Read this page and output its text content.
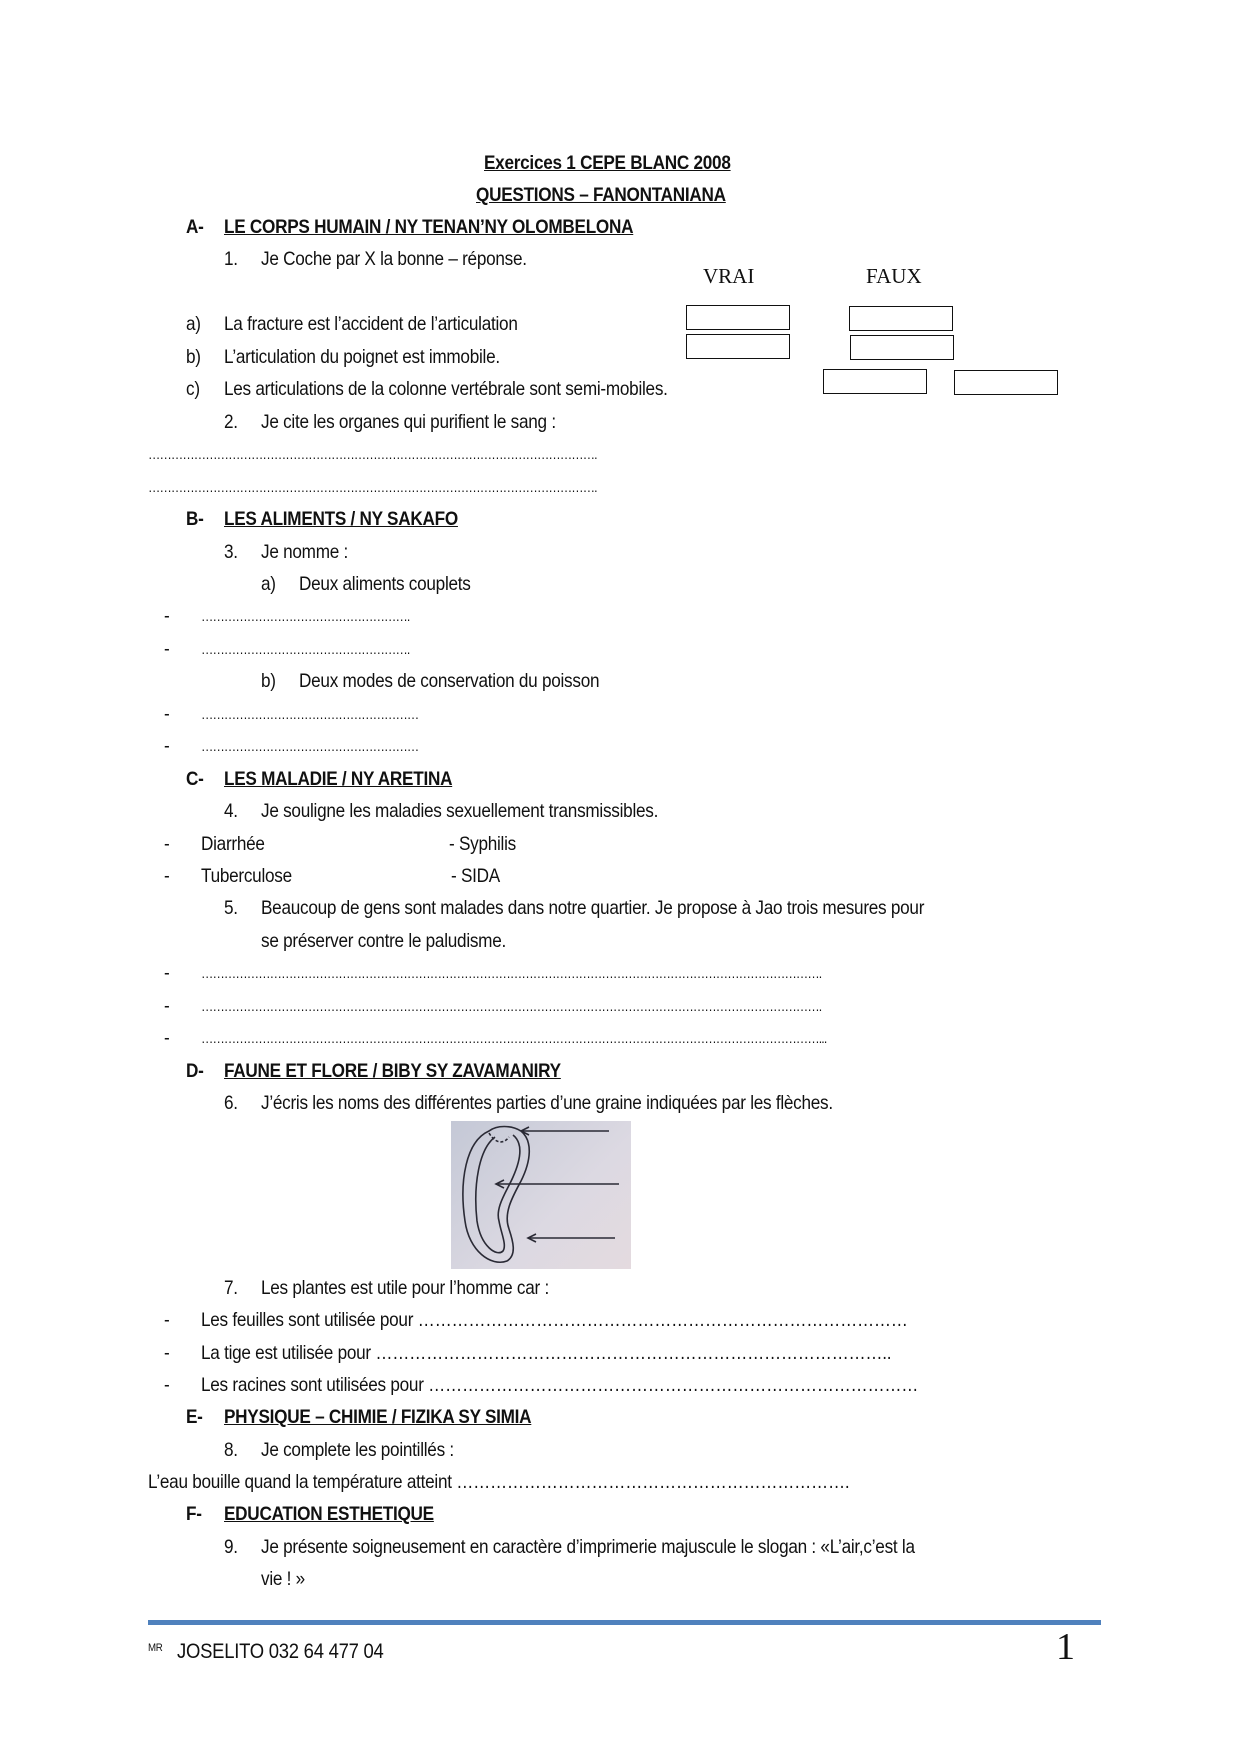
Exercices 1 CEPE BLANC 2008
QUESTIONS – FANONTANIANA
A- LE CORPS HUMAIN / NY TENAN’NY OLOMBELONA
1. Je Coche par X la bonne – réponse.
VRAI	FAUX
a) La fracture est l’accident de l’articulation
b) L’articulation du poignet est immobile.
c) Les articulations de la colonne vertébrale sont semi-mobiles.
2. Je cite les organes qui purifient le sang :
……………………………………………………………………………………………………….
……………………………………………………………………………………………………….
B- LES ALIMENTS / NY SAKAFO
3. Je nomme :
a) Deux aliments couplets
- ……………………………………………….
- ……………………………………………….
b) Deux modes de conservation du poisson
- …………………………………………………
- …………………………………………………
C- LES MALADIE / NY ARETINA
4. Je souligne les maladies sexuellement transmissibles.
- Diarrhée	- Syphilis
- Tuberculose	- SIDA
5. Beaucoup de gens sont malades dans notre quartier. Je propose à Jao trois mesures pour
se préserver contre le paludisme.
- ……………………………………………………………………………………………………………………………………………….
- ……………………………………………………………………………………………………………………………………………….
- ………………………………………………………………………………………………………………………………………………...
D- FAUNE ET FLORE / BIBY SY ZAVAMANIRY
6. J’écris les noms des différentes parties d’une graine indiquées par les flèches.
7. Les plantes est utile pour l’homme car :
- Les feuilles sont utilisée pour ……………………………………………………………………………
- La tige est utilisée pour ………………………………………………………………………………..
- Les racines sont utilisées pour ……………………………………………………………………………
E- PHYSIQUE – CHIMIE / FIZIKA SY SIMIA
8. Je complete les pointillés :
L’eau bouille quand la température atteint …………………………………………………………….
F- EDUCATION ESTHETIQUE
9. Je présente soigneusement en caractère d’imprimerie majuscule le slogan : «L’air,c’est la
vie ! »
MR JOSELITO 032 64 477 04	1
